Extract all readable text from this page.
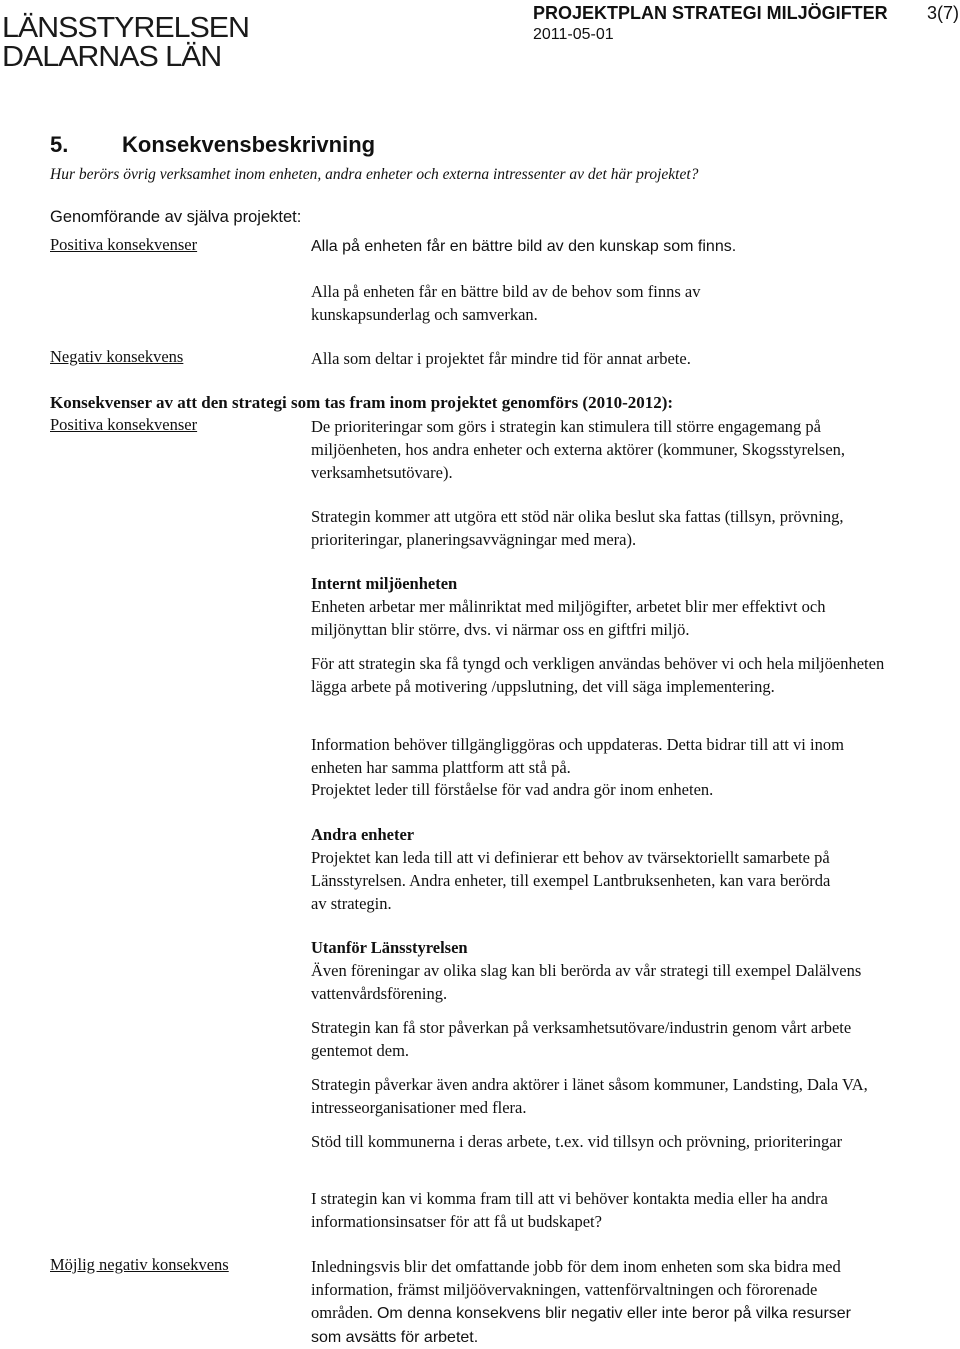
LÄNSSTYRELSEN
DALARNAS LÄN
PROJEKTPLAN STRATEGI MILJÖGIFTER 3(7)
2011-05-01
5. Konsekvensbeskrivning
Hur berörs övrig verksamhet inom enheten, andra enheter och externa intressenter av det här projektet?
Genomförande av själva projektet:
Positiva konsekvenser	Alla på enheten får en bättre bild av den kunskap som finns.
Alla på enheten får en bättre bild av de behov som finns av kunskapsunderlag och samverkan.
Negativ konsekvens	Alla som deltar i projektet får mindre tid för annat arbete.
Konsekvenser av att den strategi som tas fram inom projektet genomförs (2010-2012):
Positiva konsekvenser	De prioriteringar som görs i strategin kan stimulera till större engagemang på miljöenheten, hos andra enheter och externa aktörer (kommuner, Skogsstyrelsen, verksamhetsutövare).
Strategin kommer att utgöra ett stöd när olika beslut ska fattas (tillsyn, prövning, prioriteringar, planeringsavvägningar med mera).
Internt miljöenheten
Enheten arbetar mer målinriktat med miljögifter, arbetet blir mer effektivt och miljönyttan blir större, dvs. vi närmar oss en giftfri miljö.
För att strategin ska få tyngd och verkligen användas behöver vi och hela miljöenheten lägga arbete på motivering /uppslutning, det vill säga implementering.
Information behöver tillgängliggöras och uppdateras. Detta bidrar till att vi inom enheten har samma plattform att stå på.
Projektet leder till förståelse för vad andra gör inom enheten.
Andra enheter
Projektet kan leda till att vi definierar ett behov av tvärsektoriellt samarbete på Länsstyrelsen. Andra enheter, till exempel Lantbruksenheten, kan vara berörda av strategin.
Utanför Länsstyrelsen
Även föreningar av olika slag kan bli berörda av vår strategi till exempel Dalälvens vattenvårdsförening.
Strategin kan få stor påverkan på verksamhetsutövare/industrin genom vårt arbete gentemot dem.
Strategin påverkar även andra aktörer i länet såsom kommuner, Landsting, Dala VA, intresseorganisationer med flera.
Stöd till kommunerna i deras arbete, t.ex. vid tillsyn och prövning, prioriteringar
I strategin kan vi komma fram till att vi behöver kontakta media eller ha andra informationsinsatser för att få ut budskapet?
Möjlig negativ konsekvens	Inledningsvis blir det omfattande jobb för dem inom enheten som ska bidra med information, främst miljöövervakningen, vattenförvaltningen och förorenade områden. Om denna konsekvens blir negativ eller inte beror på vilka resurser som avsätts för arbetet.
